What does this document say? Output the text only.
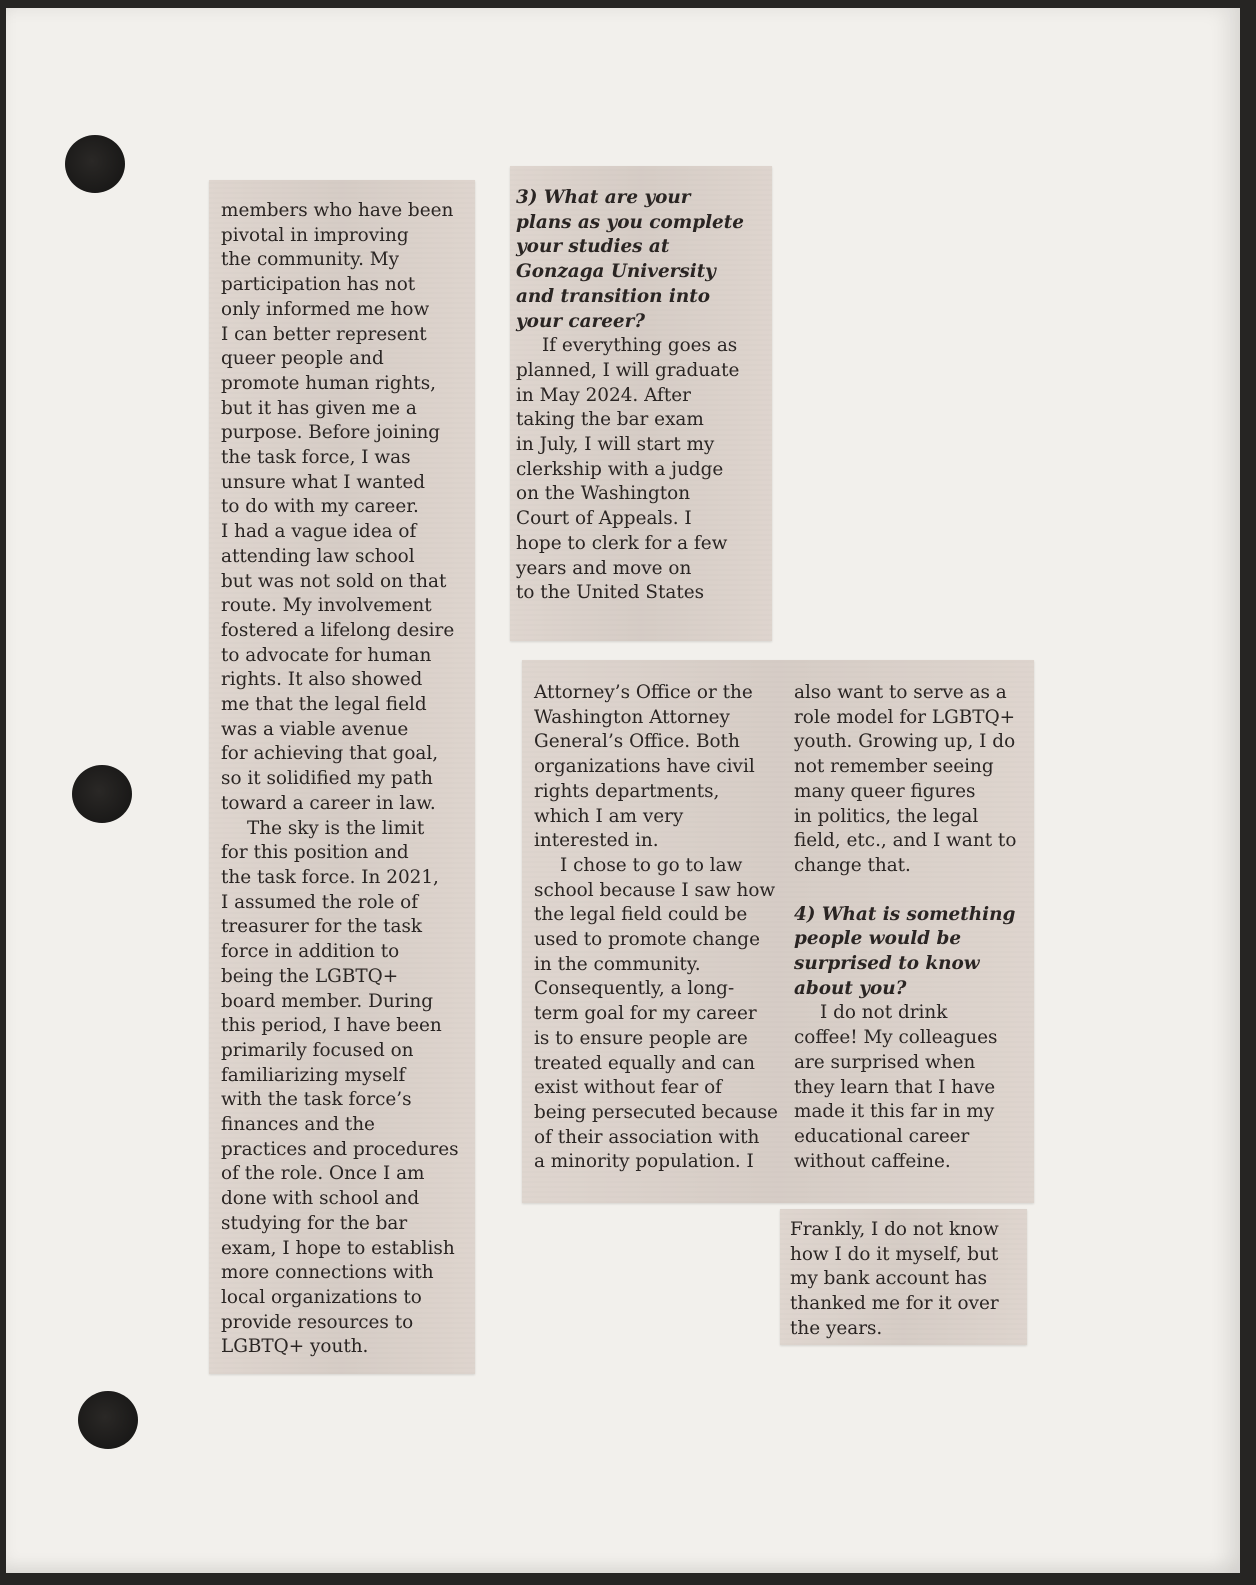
members who have been
pivotal in improving
the community. My
participation has not
only informed me how
I can better represent
queer people and
promote human rights,
but it has given me a
purpose. Before joining
the task force, I was
unsure what I wanted
to do with my career.
I had a vague idea of
attending law school
but was not sold on that
route. My involvement
fostered a lifelong desire
to advocate for human
rights. It also showed
me that the legal field
was a viable avenue
for achieving that goal,
so it solidified my path
toward a career in law.

The sky is the limit
for this position and
the task force. In 2021,
I assumed the role of
treasurer for the task
force in addition to
being the LGBTQ+
board member. During
this period, I have been
primarily focused on
familiarizing myself
with the task force’s
finances and the
practices and procedures
of the role. Once I am
done with school and
studying for the bar
exam, I hope to establish
more connections with
local organizations to
provide resources to
LGBTQ+ youth.

3) What are your
plans as you complete
your studies at
Gonzaga University
and transition into
your career?

If everything goes as
planned, I will graduate
in May 2024. After
taking the bar exam
in July, I will start my
clerkship with a judge
on the Washington
Court of Appeals. I
hope to clerk for a few
years and move on
to the United States

Attorney’s Office or the
Washington Attorney
General’s Office. Both
organizations have civil
rights departments,
which I am very
interested in.

I chose to go to law
school because I saw how
the legal field could be
used to promote change
in the community.
Consequently, a long-
term goal for my career
is to ensure people are
treated equally and can
exist without fear of
being persecuted because
of their association with
a minority population. I

also want to serve as a
role model for LGBTQ+
youth. Growing up, I do
not remember seeing
many queer figures
in politics, the legal
field, etc., and I want to
change that.

4) What is something
people would be
surprised to know
about you?

I do not drink
coffee! My colleagues
are surprised when
they learn that I have
made it this far in my
educational career
without caffeine.

Frankly, I do not know
how I do it myself, but
my bank account has
thanked me for it over
the years.
